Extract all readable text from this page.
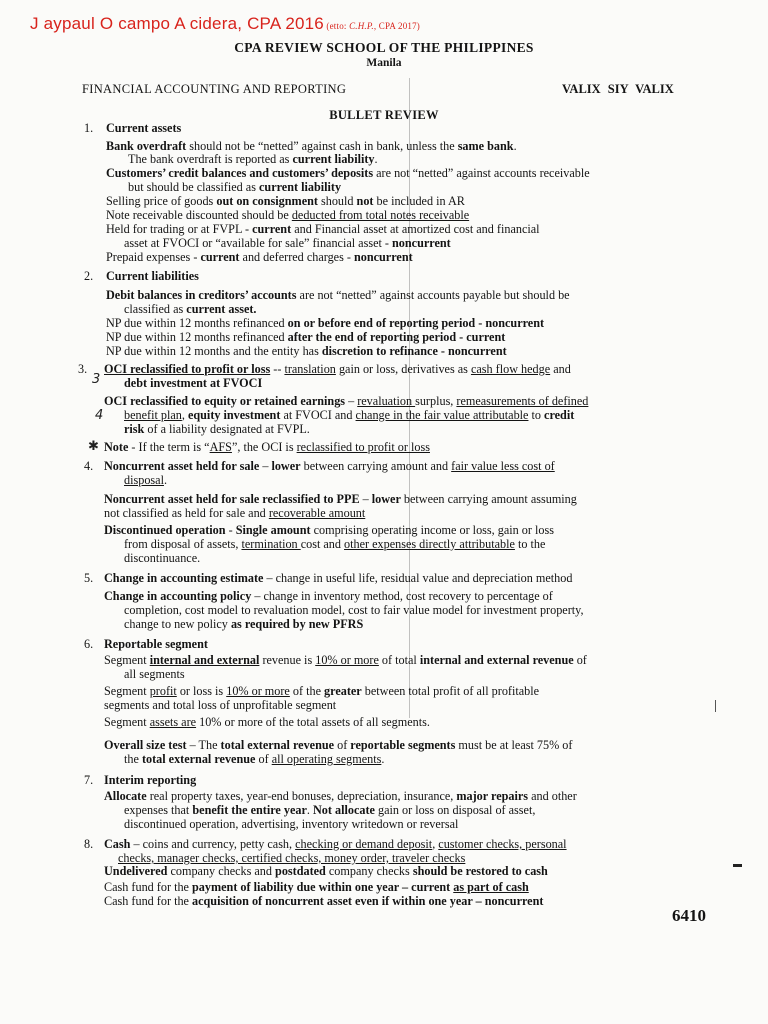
J aypaul O campo A cidera, CPA 2016 (etto: C.H.P., CPA 2017)
CPA REVIEW SCHOOL OF THE PHILIPPINES
Manila
FINANCIAL ACCOUNTING AND REPORTING	VALIX SIY VALIX
BULLET REVIEW
1. Current assets
Bank overdraft should not be “netted” against cash in bank, unless the same bank.
The bank overdraft is reported as current liability.
Customers’ credit balances and customers’ deposits are not “netted” against accounts receivable
but should be classified as current liability
Selling price of goods out on consignment should not be included in AR
Note receivable discounted should be deducted from total notes receivable
Held for trading or at FVPL - current and Financial asset at amortized cost and financial
asset at FVOCI or “available for sale” financial asset - noncurrent
Prepaid expenses - current and deferred charges - noncurrent
2. Current liabilities
Debit balances in creditors’ accounts are not “netted” against accounts payable but should be
classified as current asset.
NP due within 12 months refinanced on or before end of reporting period - noncurrent
NP due within 12 months refinanced after the end of reporting period - current
NP due within 12 months and the entity has discretion to refinance - noncurrent
3. OCI reclassified to profit or loss -- translation gain or loss, derivatives as cash flow hedge and
3 debt investment at FVOCI
OCI reclassified to equity or retained earnings – revaluation surplus, remeasurements of defined
4 benefit plan, equity investment at FVOCI and change in the fair value attributable to credit
risk of a liability designated at FVPL.
✱ Note - If the term is “AFS”, the OCI is reclassified to profit or loss
4. Noncurrent asset held for sale – lower between carrying amount and fair value less cost of
disposal.
Noncurrent asset held for sale reclassified to PPE – lower between carrying amount assuming
not classified as held for sale and recoverable amount
Discontinued operation - Single amount comprising operating income or loss, gain or loss
from disposal of assets, termination cost and other expenses directly attributable to the
discontinuance.
5. Change in accounting estimate – change in useful life, residual value and depreciation method
Change in accounting policy – change in inventory method, cost recovery to percentage of
completion, cost model to revaluation model, cost to fair value model for investment property,
change to new policy as required by new PFRS
6. Reportable segment
Segment internal and external revenue is 10% or more of total internal and external revenue of
all segments
Segment profit or loss is 10% or more of the greater between total profit of all profitable
segments and total loss of unprofitable segment
Segment assets are 10% or more of the total assets of all segments.
Overall size test – The total external revenue of reportable segments must be at least 75% of
the total external revenue of all operating segments.
7. Interim reporting
Allocate real property taxes, year-end bonuses, depreciation, insurance, major repairs and other
expenses that benefit the entire year. Not allocate gain or loss on disposal of asset,
discontinued operation, advertising, inventory writedown or reversal
8. Cash – coins and currency, petty cash, checking or demand deposit, customer checks, personal
checks, manager checks, certified checks, money order, traveler checks
Undelivered company checks and postdated company checks should be restored to cash
Cash fund for the payment of liability due within one year – current as part of cash
Cash fund for the acquisition of noncurrent asset even if within one year – noncurrent
6410
